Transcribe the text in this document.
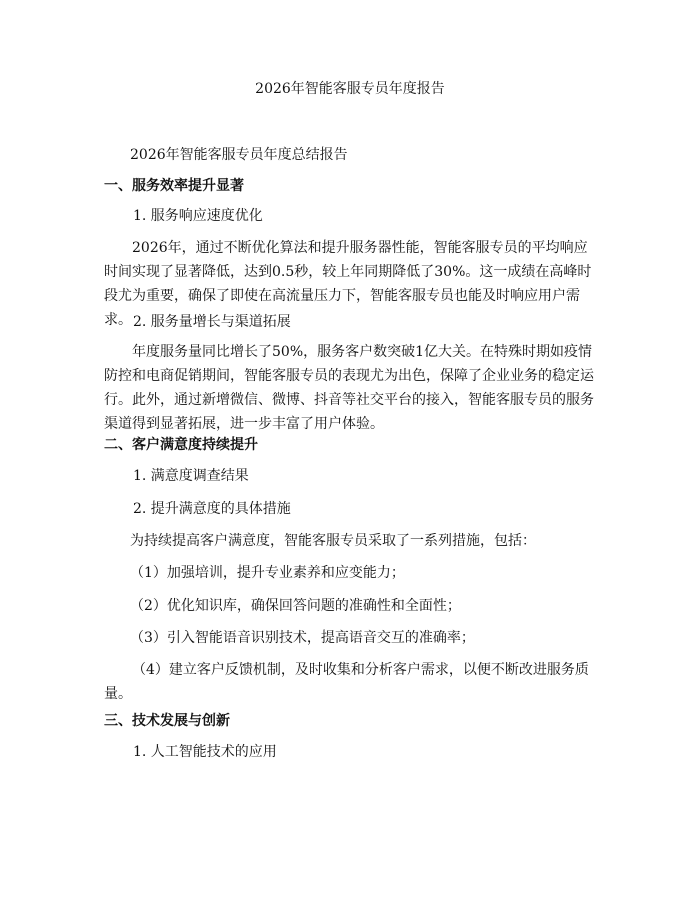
2026年智能客服专员年度报告
2026年智能客服专员年度总结报告
一、服务效率提升显著
1. 服务响应速度优化

2026年，通过不断优化算法和提升服务器性能，智能客服专员的平均响应时间实现了显著降低，达到0.5秒，较上年同期降低了30%。这一成绩在高峰时段尤为重要，确保了即使在高流量压力下，智能客服专员也能及时响应用户需求。 2. 服务量增长与渠道拓展

年度服务量同比增长了50%，服务客户数突破1亿大关。在特殊时期如疫情防控和电商促销期间，智能客服专员的表现尤为出色，保障了企业业务的稳定运行。此外，通过新增微信、微博、抖音等社交平台的接入，智能客服专员的服务渠道得到显著拓展，进一步丰富了用户体验。

二、客户满意度持续提升
1. 满意度调查结果
2. 提升满意度的具体措施
为持续提高客户满意度，智能客服专员采取了一系列措施，包括：
（1）加强培训，提升专业素养和应变能力；
（2）优化知识库，确保回答问题的准确性和全面性；
（3）引入智能语音识别技术，提高语音交互的准确率；

（4）建立客户反馈机制，及时收集和分析客户需求，以便不断改进服务质量。

三、技术发展与创新
1. 人工智能技术的应用
